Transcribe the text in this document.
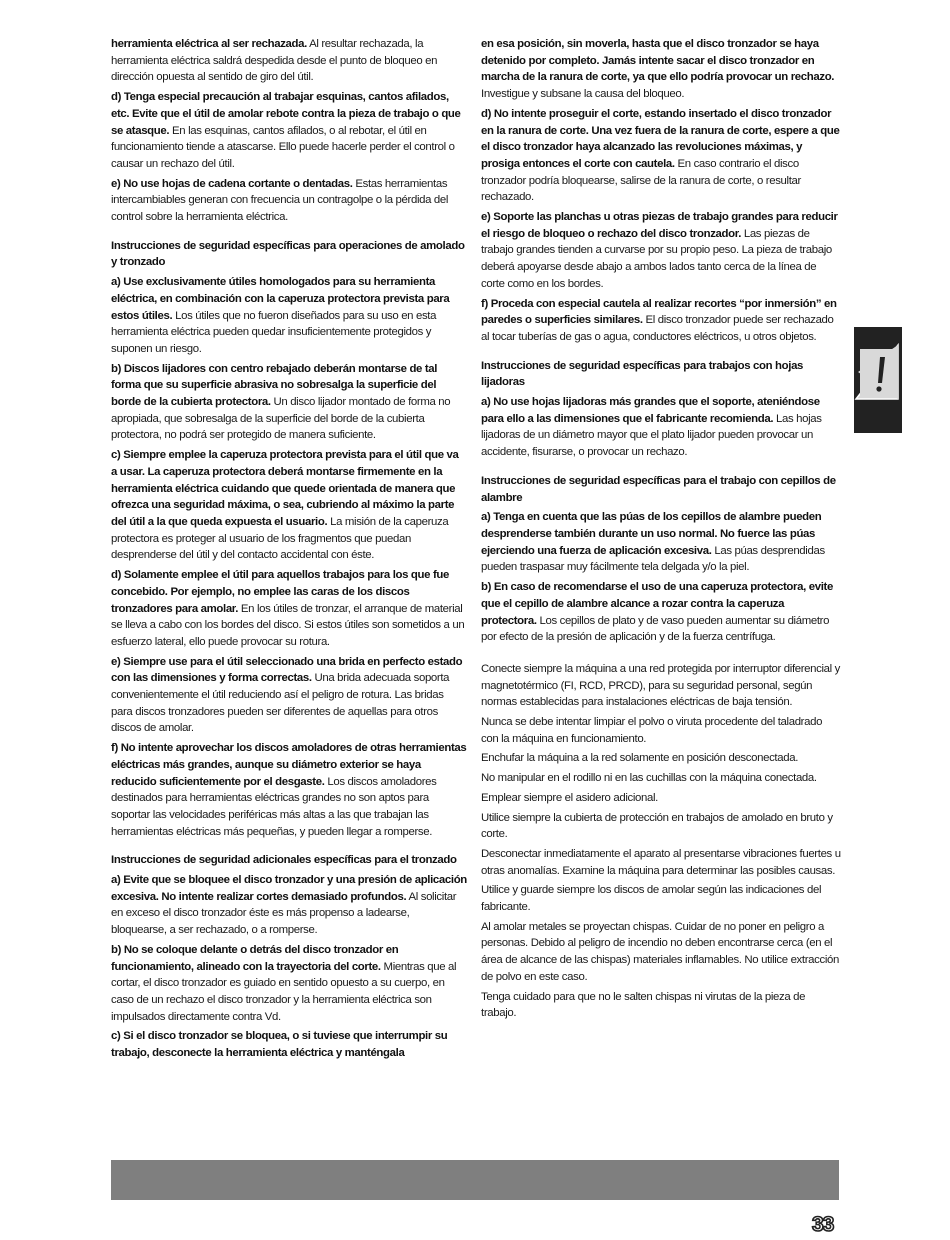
herramienta eléctrica al ser rechazada. Al resultar rechazada, la herramienta eléctrica saldrá despedida desde el punto de bloqueo en dirección opuesta al sentido de giro del útil.

d) Tenga especial precaución al trabajar esquinas, cantos afilados, etc. Evite que el útil de amolar rebote contra la pieza de trabajo o que se atasque. En las esquinas, cantos afilados, o al rebotar, el útil en funcionamiento tiende a atascarse. Ello puede hacerle perder el control o causar un rechazo del útil.

e) No use hojas de cadena cortante o dentadas. Estas herramientas intercambiables generan con frecuencia un contragolpe o la pérdida del control sobre la herramienta eléctrica.

Instrucciones de seguridad específicas para operaciones de amolado y tronzado

a) Use exclusivamente útiles homologados para su herramienta eléctrica, en combinación con la caperuza protectora prevista para estos útiles. Los útiles que no fueron diseñados para su uso en esta herramienta eléctrica pueden quedar insuficientemente protegidos y suponen un riesgo.

b) Discos lijadores con centro rebajado deberán montarse de tal forma que su superficie abrasiva no sobresalga la superficie del borde de la cubierta protectora. Un disco lijador montado de forma no apropiada, que sobresalga de la superficie del borde de la cubierta protectora, no podrá ser protegido de manera suficiente.

c) Siempre emplee la caperuza protectora prevista para el útil que va a usar. La caperuza protectora deberá montarse firmemente en la herramienta eléctrica cuidando que quede orientada de manera que ofrezca una seguridad máxima, o sea, cubriendo al máximo la parte del útil a la que queda expuesta el usuario. La misión de la caperuza protectora es proteger al usuario de los fragmentos que puedan desprenderse del útil y del contacto accidental con éste.

d) Solamente emplee el útil para aquellos trabajos para los que fue concebido. Por ejemplo, no emplee las caras de los discos tronzadores para amolar. En los útiles de tronzar, el arranque de material se lleva a cabo con los bordes del disco. Si estos útiles son sometidos a un esfuerzo lateral, ello puede provocar su rotura.

e) Siempre use para el útil seleccionado una brida en perfecto estado con las dimensiones y forma correctas. Una brida adecuada soporta convenientemente el útil reduciendo así el peligro de rotura. Las bridas para discos tronzadores pueden ser diferentes de aquellas para otros discos de amolar.

f) No intente aprovechar los discos amoladores de otras herramientas eléctricas más grandes, aunque su diámetro exterior se haya reducido suficientemente por el desgaste. Los discos amoladores destinados para herramientas eléctricas grandes no son aptos para soportar las velocidades periféricas más altas a las que trabajan las herramientas eléctricas más pequeñas, y pueden llegar a romperse.

Instrucciones de seguridad adicionales específicas para el tronzado

a) Evite que se bloquee el disco tronzador y una presión de aplicación excesiva. No intente realizar cortes demasiado profundos. Al solicitar en exceso el disco tronzador éste es más propenso a ladearse, bloquearse, a ser rechazado, o a romperse.

b) No se coloque delante o detrás del disco tronzador en funcionamiento, alineado con la trayectoria del corte. Mientras que al cortar, el disco tronzador es guiado en sentido opuesto a su cuerpo, en caso de un rechazo el disco tronzador y la herramienta eléctrica son impulsados directamente contra Vd.

c) Si el disco tronzador se bloquea, o si tuviese que interrumpir su trabajo, desconecte la herramienta eléctrica y manténgala

en esa posición, sin moverla, hasta que el disco tronzador se haya detenido por completo. Jamás intente sacar el disco tronzador en marcha de la ranura de corte, ya que ello podría provocar un rechazo. Investigue y subsane la causa del bloqueo.

d) No intente proseguir el corte, estando insertado el disco tronzador en la ranura de corte. Una vez fuera de la ranura de corte, espere a que el disco tronzador haya alcanzado las revoluciones máximas, y prosiga entonces el corte con cautela. En caso contrario el disco tronzador podría bloquearse, salirse de la ranura de corte, o resultar rechazado.

e) Soporte las planchas u otras piezas de trabajo grandes para reducir el riesgo de bloqueo o rechazo del disco tronzador. Las piezas de trabajo grandes tienden a curvarse por su propio peso. La pieza de trabajo deberá apoyarse desde abajo a ambos lados tanto cerca de la línea de corte como en los bordes.

f) Proceda con especial cautela al realizar recortes “por inmersión” en paredes o superficies similares. El disco tronzador puede ser rechazado al tocar tuberías de gas o agua, conductores eléctricos, u otros objetos.

Instrucciones de seguridad específicas para trabajos con hojas lijadoras

a) No use hojas lijadoras más grandes que el soporte, ateniéndose para ello a las dimensiones que el fabricante recomienda. Las hojas lijadoras de un diámetro mayor que el plato lijador pueden provocar un accidente, fisurarse, o provocar un rechazo.

Instrucciones de seguridad específicas para el trabajo con cepillos de alambre

a) Tenga en cuenta que las púas de los cepillos de alambre pueden desprenderse también durante un uso normal. No fuerce las púas ejerciendo una fuerza de aplicación excesiva. Las púas desprendidas pueden traspasar muy fácilmente tela delgada y/o la piel.

b) En caso de recomendarse el uso de una caperuza protectora, evite que el cepillo de alambre alcance a rozar contra la caperuza protectora. Los cepillos de plato y de vaso pueden aumentar su diámetro por efecto de la presión de aplicación y de la fuerza centrífuga.

Conecte siempre la máquina a una red protegida por interruptor diferencial y magnetotérmico (FI, RCD, PRCD), para su seguridad personal, según normas establecidas para instalaciones eléctricas de baja tensión.

Nunca se debe intentar limpiar el polvo o viruta procedente del taladrado con la máquina en funcionamiento.

Enchufar la máquina a la red solamente en posición desconectada.

No manipular en el rodillo ni en las cuchillas con la máquina conectada.

Emplear siempre el asidero adicional.

Utilice siempre la cubierta de protección en trabajos de amolado en bruto y corte.

Desconectar inmediatamente el aparato al presentarse vibraciones fuertes u otras anomalías. Examine la máquina para determinar las posibles causas.

Utilice y guarde siempre los discos de amolar según las indicaciones del fabricante.

Al amolar metales se proyectan chispas. Cuidar de no poner en peligro a personas. Debido al peligro de incendio no deben encontrarse cerca (en el área de alcance de las chispas) materiales inflamables. No utilice extracción de polvo en este caso.

Tenga cuidado para que no le salten chispas ni virutas de la pieza de trabajo.

33
